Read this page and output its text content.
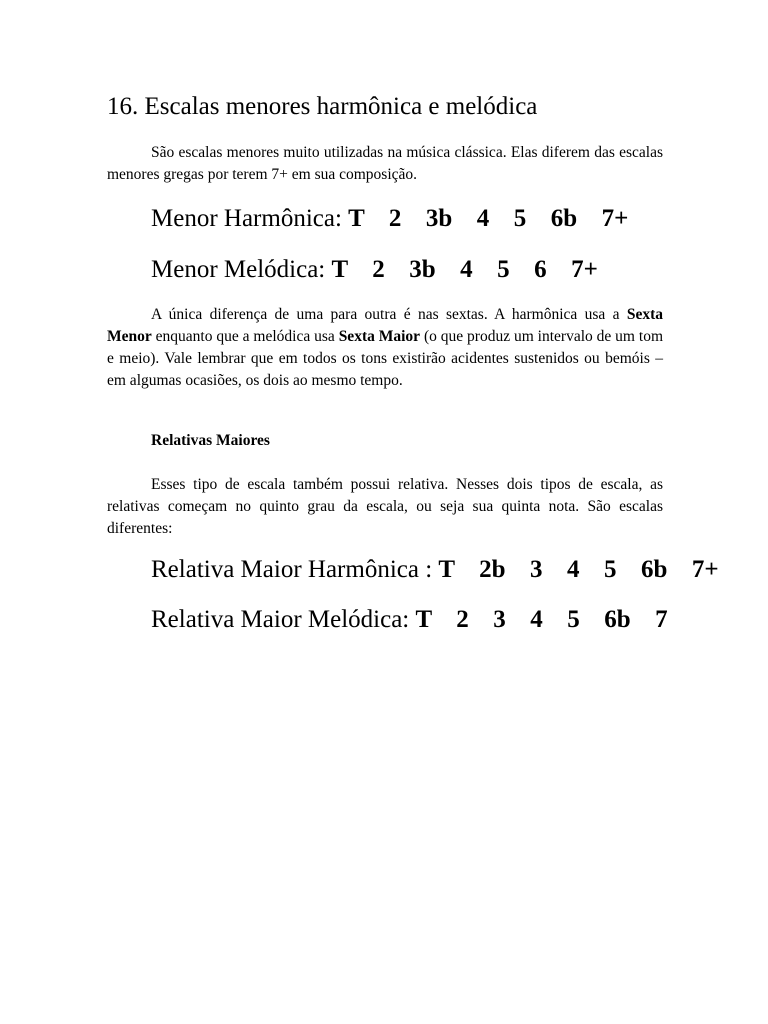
16. Escalas menores harmônica e melódica

São escalas menores muito utilizadas na música clássica. Elas diferem das escalas menores gregas por terem 7+ em sua composição.

Menor Harmônica: T  2  3b  4  5  6b  7+
Menor Melódica: T  2  3b  4  5  6  7+

A única diferença de uma para outra é nas sextas. A harmônica usa a Sexta Menor enquanto que a melódica usa Sexta Maior (o que produz um intervalo de um tom e meio). Vale lembrar que em todos os tons existirão acidentes sustenidos ou bemóis – em algumas ocasiões, os dois ao mesmo tempo.

Relativas Maiores

Esses tipo de escala também possui relativa. Nesses dois tipos de escala, as relativas começam no quinto grau da escala, ou seja sua quinta nota. São escalas diferentes:

Relativa Maior Harmônica : T  2b  3  4  5  6b  7+
Relativa Maior Melódica: T  2  3  4  5  6b  7
